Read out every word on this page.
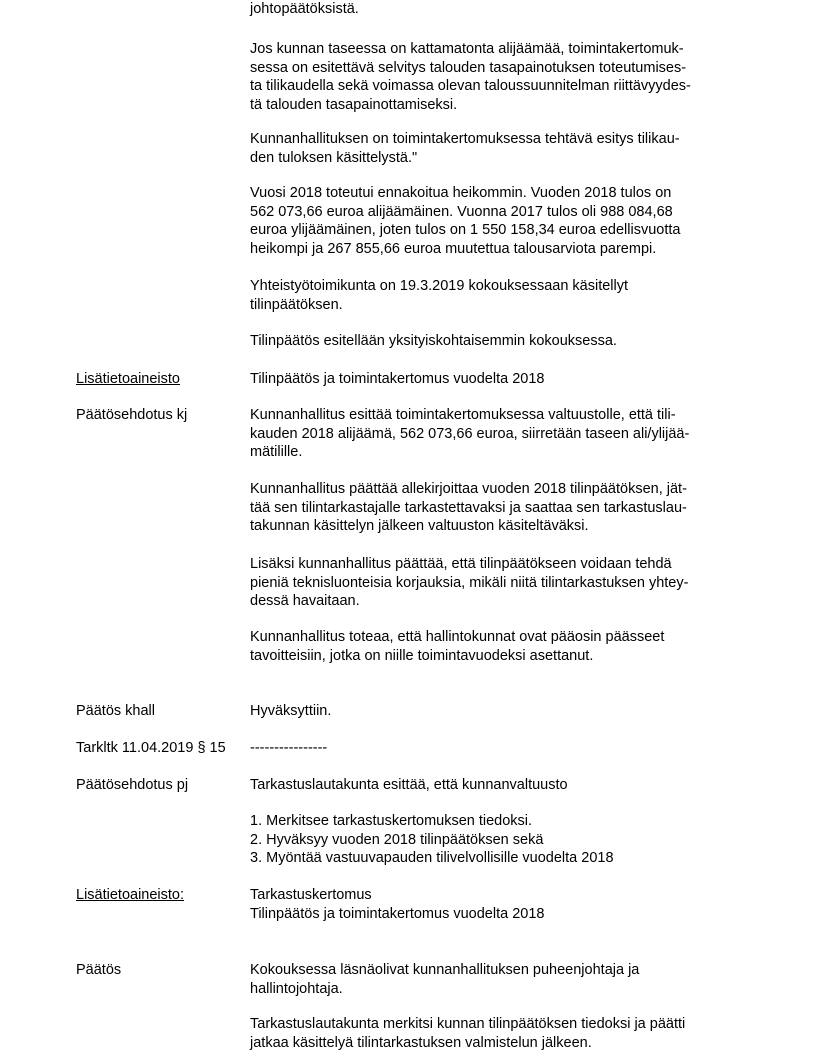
johtopäätöksistä.
Jos kunnan taseessa on kattamatonta alijäämää, toimintakertomuk-
sessa on esitettävä selvitys talouden tasapainotuksen toteutumises-
ta tilikaudella sekä voimassa olevan taloussuunnitelman riittävyydes-
tä talouden tasapainottamiseksi.
Kunnanhallituksen on toimintakertomuksessa tehtävä esitys tilikau-
den tuloksen käsittelystä."
Vuosi 2018 toteutui ennakoitua heikommin. Vuoden 2018 tulos on
562 073,66 euroa alijäämäinen. Vuonna 2017 tulos oli 988 084,68
euroa ylijäämäinen, joten tulos on 1 550 158,34 euroa edellisvuotta
heikompi ja 267 855,66 euroa muutettua talousarviota parempi.
Yhteistyötoimikunta on 19.3.2019 kokouksessaan käsitellyt
tilinpäätöksen.
Tilinpäätös esitellään yksityiskohtaisemmin kokouksessa.
Lisätietoaineisto	Tilinpäätös ja toimintakertomus vuodelta 2018
Päätösehdotus kj	Kunnanhallitus esittää toimintakertomuksessa valtuustolle, että tili-
kauden 2018 alijäämä, 562 073,66 euroa, siirretään taseen ali/ylijää-
mätilille.
Kunnanhallitus päättää allekirjoittaa vuoden 2018 tilinpäätöksen, jät-
tää sen tilintarkastajalle tarkastettavaksi ja saattaa sen tarkastuslau-
takunnan käsittelyn jälkeen valtuuston käsiteltäväksi.
Lisäksi kunnanhallitus päättää, että tilinpäätökseen voidaan tehdä
pieniä teknisluonteisia korjauksia, mikäli niitä tilintarkastuksen yhtey-
dessä havaitaan.
Kunnanhallitus toteaa, että hallintokunnat ovat pääosin päässeet
tavoitteisiin, jotka on niille toimintavuodeksi asettanut.
Päätös khall	Hyväksyttiin.
Tarkltk 11.04.2019 § 15 ----------------
Päätösehdotus pj	Tarkastuslautakunta esittää, että kunnanvaltuusto
1. Merkitsee tarkastuskertomuksen tiedoksi.
2. Hyväksyy vuoden 2018 tilinpäätöksen sekä
3. Myöntää vastuuvapauden tilivelvollisille vuodelta 2018
Lisätietoaineisto:	Tarkastuskertomus
Tilinpäätös ja toimintakertomus vuodelta 2018
Päätös	Kokouksessa läsnäolivat kunnanhallituksen puheenjohtaja ja
hallintojohtaja.
Tarkastuslautakunta merkitsi kunnan tilinpäätöksen tiedoksi ja päätti
jatkaa käsittelyä tilintarkastuksen valmistelun jälkeen.
